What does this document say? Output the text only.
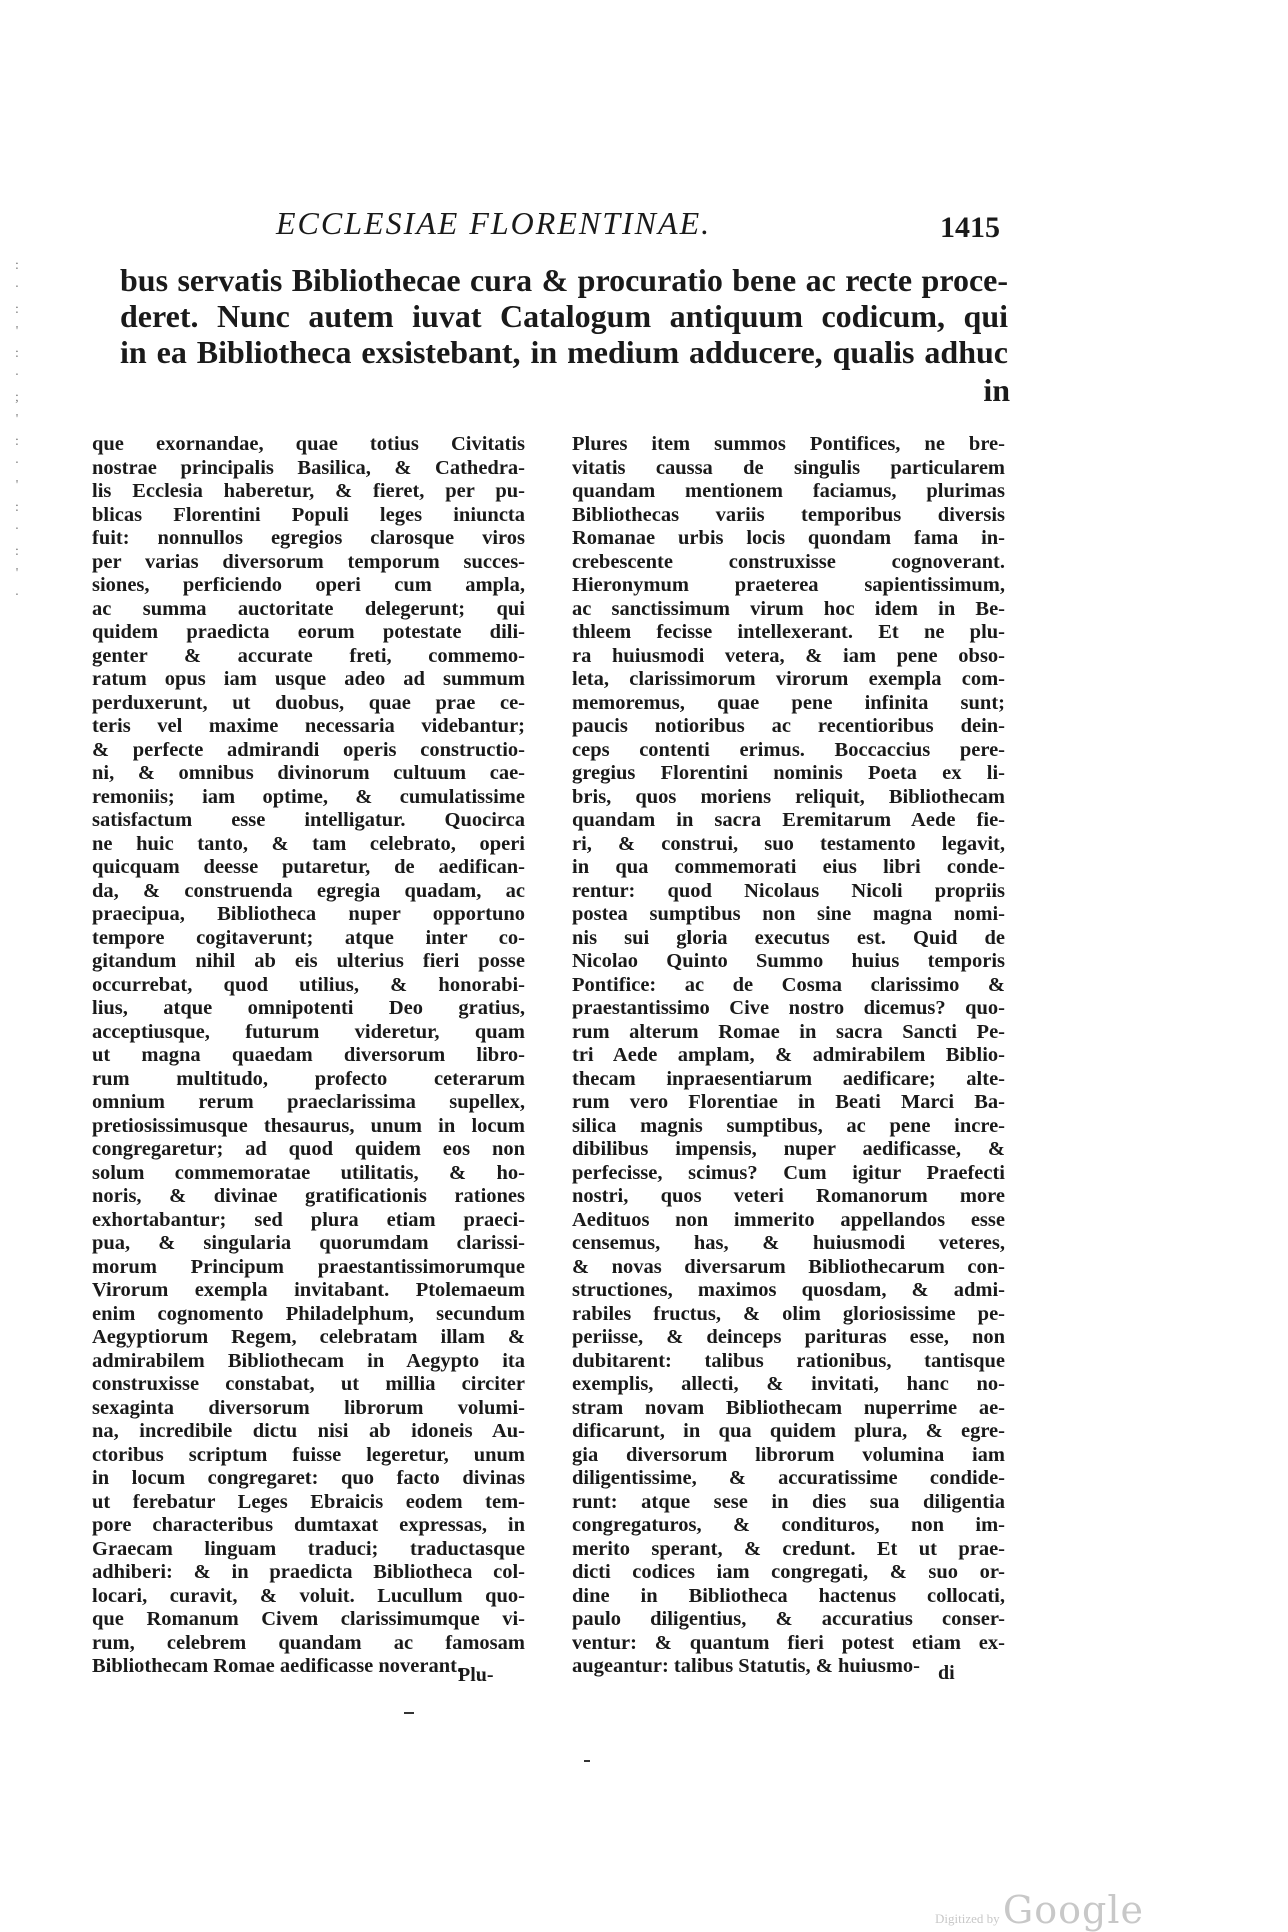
:
·
:
'
:
·
;
'
:
·
'
:
·
:
'
·
ECCLESIAE FLORENTINAE.	1415
bus servatis Bibliothecae cura & procuratio bene ac recte proce-
deret. Nunc autem iuvat Catalogum antiquum codicum, qui
in ea Bibliotheca exsistebant, in medium adducere, qualis adhuc
in
que exornandae, quae totius Civitatis
nostrae principalis Basilica, & Cathedra-
lis Ecclesia haberetur, & fieret, per pu-
blicas Florentini Populi leges iniuncta
fuit: nonnullos egregios clarosque viros
per varias diversorum temporum succes-
siones, perficiendo operi cum ampla,
ac summa auctoritate delegerunt; qui
quidem praedicta eorum potestate dili-
genter & accurate freti, commemo-
ratum opus iam usque adeo ad summum
perduxerunt, ut duobus, quae prae ce-
teris vel maxime necessaria videbantur;
& perfecte admirandi operis constructio-
ni, & omnibus divinorum cultuum cae-
remoniis; iam optime, & cumulatissime
satisfactum esse intelligatur. Quocirca
ne huic tanto, & tam celebrato, operi
quicquam deesse putaretur, de aedifican-
da, & construenda egregia quadam, ac
praecipua, Bibliotheca nuper opportuno
tempore cogitaverunt; atque inter co-
gitandum nihil ab eis ulterius fieri posse
occurrebat, quod utilius, & honorabi-
lius, atque omnipotenti Deo gratius,
acceptiusque, futurum videretur, quam
ut magna quaedam diversorum libro-
rum multitudo, profecto ceterarum
omnium rerum praeclarissima supellex,
pretiosissimusque thesaurus, unum in locum
congregaretur; ad quod quidem eos non
solum commemoratae utilitatis, & ho-
noris, & divinae gratificationis rationes
exhortabantur; sed plura etiam praeci-
pua, & singularia quorumdam clarissi-
morum Principum praestantissimorumque
Virorum exempla invitabant. Ptolemaeum
enim cognomento Philadelphum, secundum
Aegyptiorum Regem, celebratam illam &
admirabilem Bibliothecam in Aegypto ita
construxisse constabat, ut millia circiter
sexaginta diversorum librorum volumi-
na, incredibile dictu nisi ab idoneis Au-
ctoribus scriptum fuisse legeretur, unum
in locum congregaret: quo facto divinas
ut ferebatur Leges Ebraicis eodem tem-
pore characteribus dumtaxat expressas, in
Graecam linguam traduci; traductasque
adhiberi: & in praedicta Bibliotheca col-
locari, curavit, & voluit. Lucullum quo-
que Romanum Civem clarissimumque vi-
rum, celebrem quandam ac famosam
Bibliothecam Romae aedificasse noverant.
Plu-
Plures item summos Pontifices, ne bre-
vitatis caussa de singulis particularem
quandam mentionem faciamus, plurimas
Bibliothecas variis temporibus diversis
Romanae urbis locis quondam fama in-
crebescente construxisse cognoverant.
Hieronymum praeterea sapientissimum,
ac sanctissimum virum hoc idem in Be-
thleem fecisse intellexerant. Et ne plu-
ra huiusmodi vetera, & iam pene obso-
leta, clarissimorum virorum exempla com-
memoremus, quae pene infinita sunt;
paucis notioribus ac recentioribus dein-
ceps contenti erimus. Boccaccius pere-
gregius Florentini nominis Poeta ex li-
bris, quos moriens reliquit, Bibliothecam
quandam in sacra Eremitarum Aede fie-
ri, & construi, suo testamento legavit,
in qua commemorati eius libri conde-
rentur: quod Nicolaus Nicoli propriis
postea sumptibus non sine magna nomi-
nis sui gloria executus est. Quid de
Nicolao Quinto Summo huius temporis
Pontifice: ac de Cosma clarissimo &
praestantissimo Cive nostro dicemus? quo-
rum alterum Romae in sacra Sancti Pe-
tri Aede amplam, & admirabilem Biblio-
thecam inpraesentiarum aedificare; alte-
rum vero Florentiae in Beati Marci Ba-
silica magnis sumptibus, ac pene incre-
dibilibus impensis, nuper aedificasse, &
perfecisse, scimus? Cum igitur Praefecti
nostri, quos veteri Romanorum more
Aedituos non immerito appellandos esse
censemus, has, & huiusmodi veteres,
& novas diversarum Bibliothecarum con-
structiones, maximos quosdam, & admi-
rabiles fructus, & olim gloriosissime pe-
periisse, & deinceps parituras esse, non
dubitarent: talibus rationibus, tantisque
exemplis, allecti, & invitati, hanc no-
stram novam Bibliothecam nuperrime ae-
dificarunt, in qua quidem plura, & egre-
gia diversorum librorum volumina iam
diligentissime, & accuratissime condide-
runt: atque sese in dies sua diligentia
congregaturos, & condituros, non im-
merito sperant, & credunt. Et ut prae-
dicti codices iam congregati, & suo or-
dine in Bibliotheca hactenus collocati,
paulo diligentius, & accuratius conser-
ventur: & quantum fieri potest etiam ex-
augeantur: talibus Statutis, & huiusmo- di
Digitized by Google
